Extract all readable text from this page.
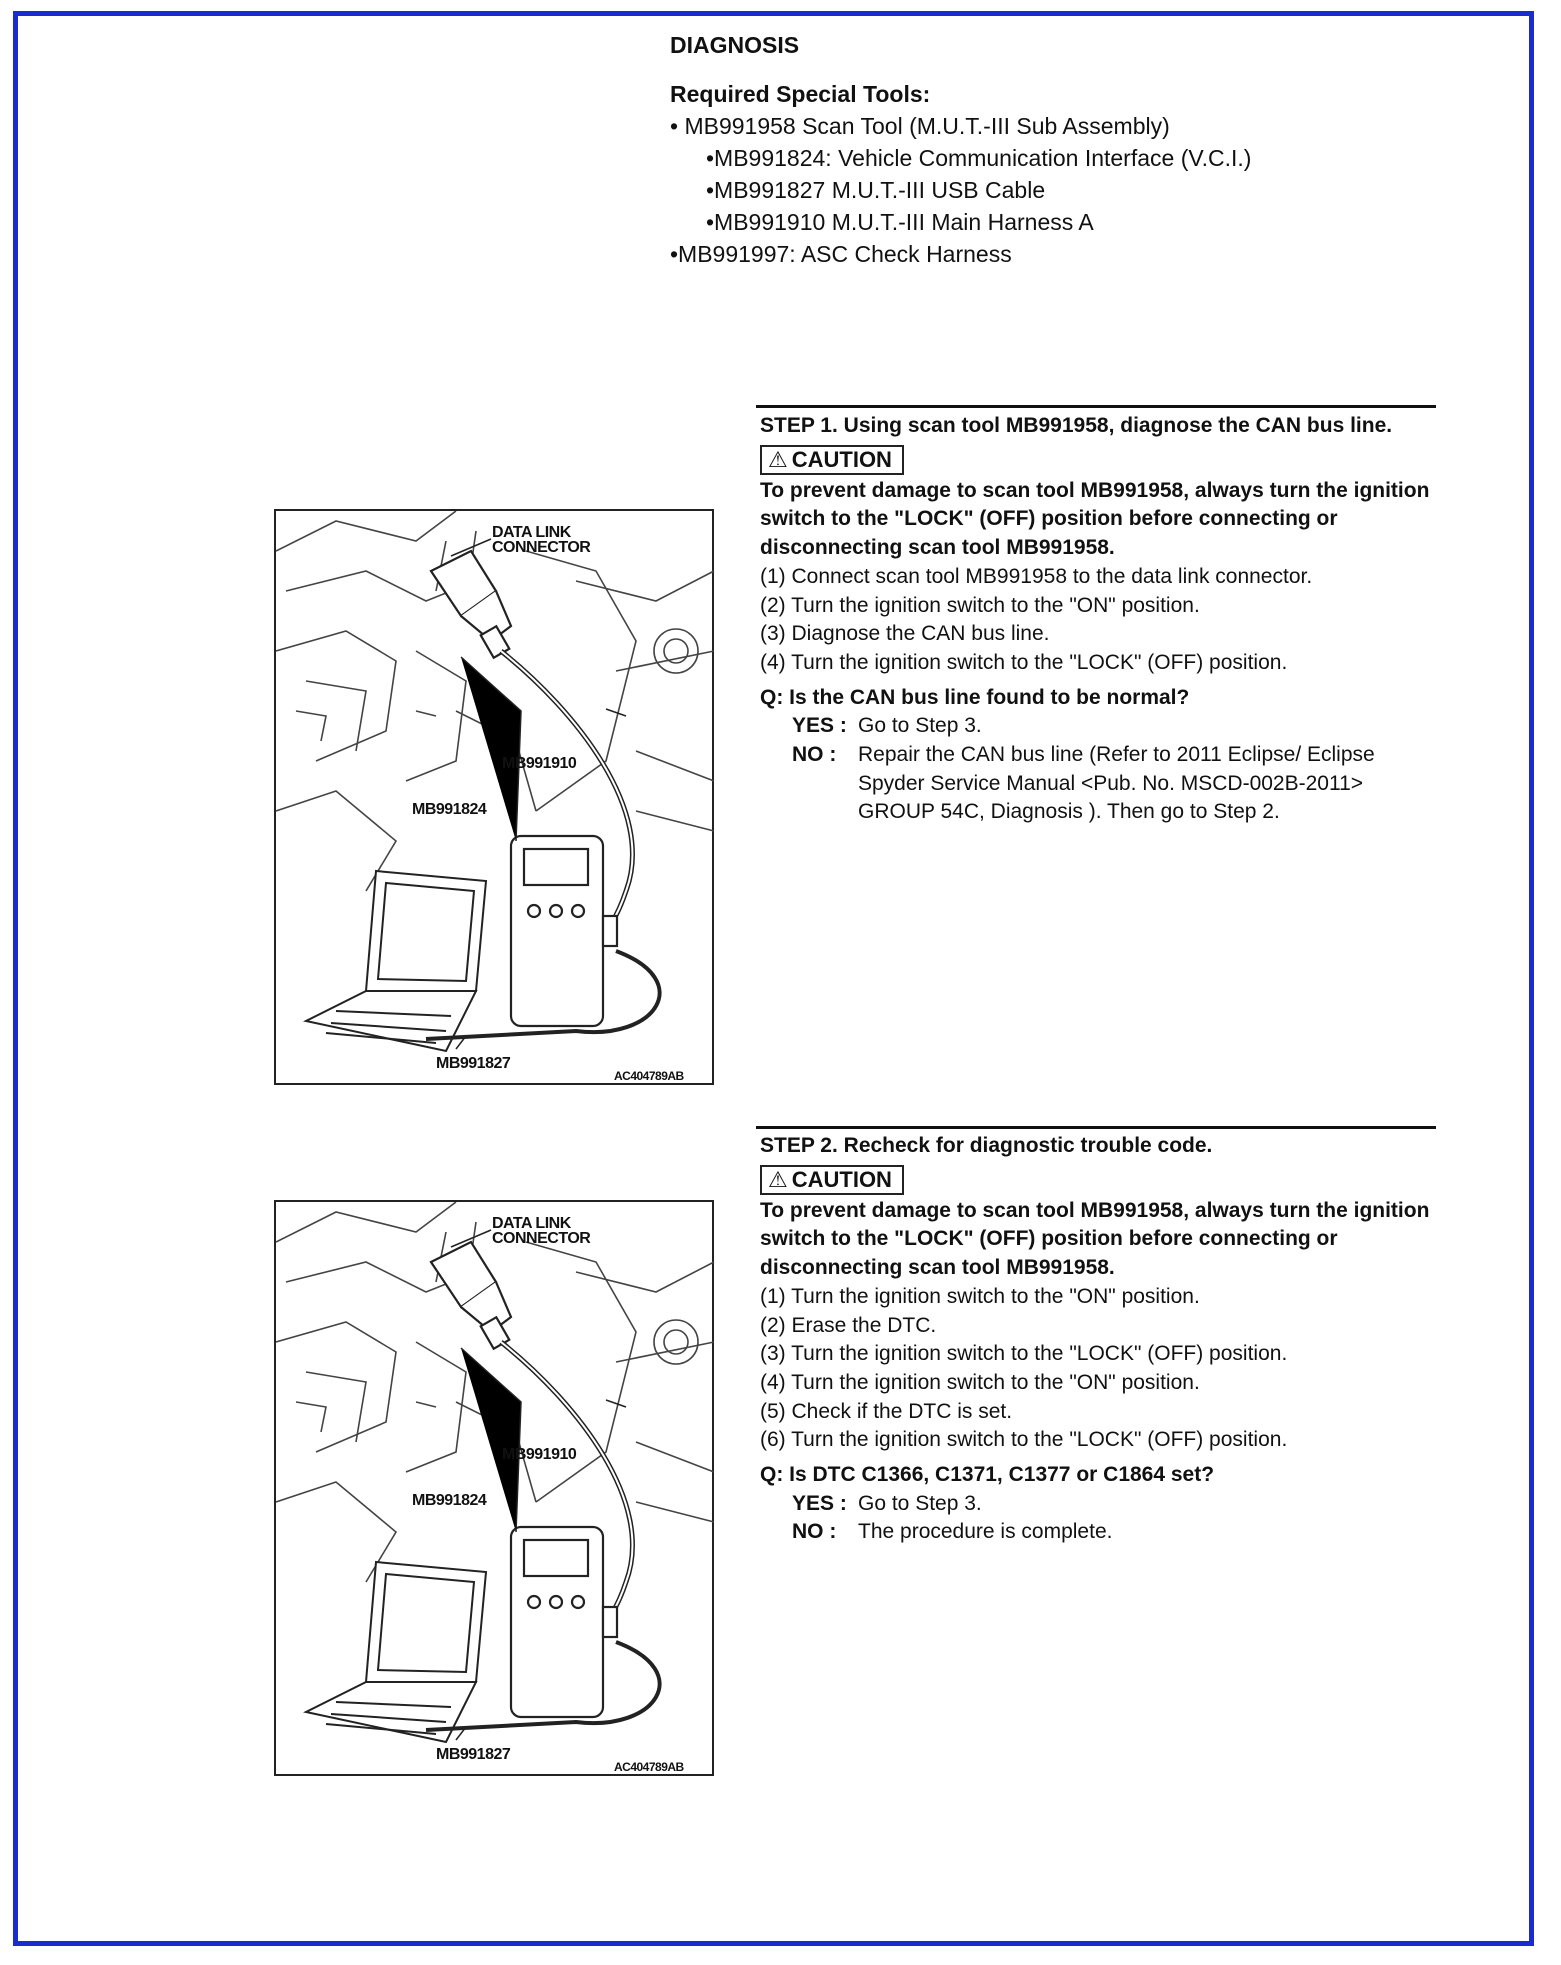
DIAGNOSIS
Required Special Tools:
• MB991958 Scan Tool (M.U.T.-III Sub Assembly)
•MB991824: Vehicle Communication Interface (V.C.I.)
•MB991827 M.U.T.-III USB Cable
•MB991910 M.U.T.-III Main Harness A
•MB991997: ASC Check Harness
STEP 1. Using scan tool MB991958, diagnose the CAN bus line.
⚠ CAUTION
To prevent damage to scan tool MB991958, always turn the ignition switch to the "LOCK" (OFF) position before connecting or disconnecting scan tool MB991958.
(1) Connect scan tool MB991958 to the data link connector.
(2) Turn the ignition switch to the "ON" position.
(3) Diagnose the CAN bus line.
(4) Turn the ignition switch to the "LOCK" (OFF) position.
Q: Is the CAN bus line found to be normal?
YES : Go to Step 3.
NO :	Repair the CAN bus line (Refer to 2011 Eclipse/ Eclipse Spyder Service Manual <Pub. No. MSCD-002B-2011> GROUP 54C, Diagnosis ). Then go to Step 2.
DATA LINK
CONNECTOR
MB991910
MB991824
MB991827
AC404789AB
STEP 2. Recheck for diagnostic trouble code.
⚠ CAUTION
To prevent damage to scan tool MB991958, always turn the ignition switch to the "LOCK" (OFF) position before connecting or disconnecting scan tool MB991958.
(1) Turn the ignition switch to the "ON" position.
(2) Erase the DTC.
(3) Turn the ignition switch to the "LOCK" (OFF) position.
(4) Turn the ignition switch to the "ON" position.
(5) Check if the DTC is set.
(6) Turn the ignition switch to the "LOCK" (OFF) position.
Q: Is DTC C1366, C1371, C1377 or C1864 set?
YES : Go to Step 3.
NO :	The procedure is complete.
DATA LINK
CONNECTOR
MB991910
MB991824
MB991827
AC404789AB
